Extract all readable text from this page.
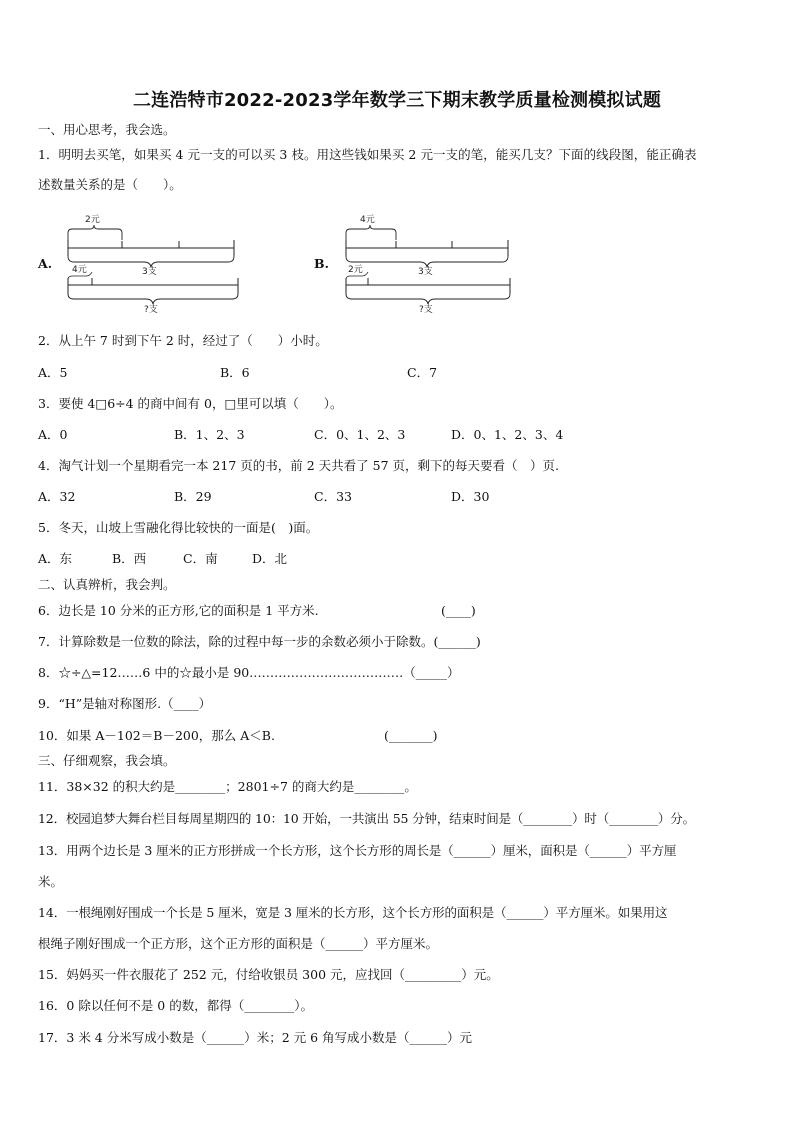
二连浩特市2022-2023学年数学三下期末教学质量检测模拟试题
一、用心思考，我会选。
1．明明去买笔，如果买 4 元一支的可以买 3 枝。用这些钱如果买 2 元一支的笔，能买几支？下面的线段图，能正确表
述数量关系的是（　　）。
A.
2元
3支
4元
?支
B.
4元
3支
2元
?支
2．从上午 7 时到下午 2 时，经过了（　　）小时。
A．5	B．6	C．7
3．要使 4□6÷4 的商中间有 0，□里可以填（　　）。
A．0	B．1、2、3	C．0、1、2、3	D．0、1、2、3、4
4．淘气计划一个星期看完一本 217 页的书，前 2 天共看了 57 页，剩下的每天要看（　）页.
A．32	B．29	C．33	D．30
5．冬天，山坡上雪融化得比较快的一面是(　)面。
A．东	B．西	C．南	D．北
二、认真辨析，我会判。
6．边长是 10 分米的正方形,它的面积是 1 平方米.	(____)
7．计算除数是一位数的除法，除的过程中每一步的余数必须小于除数。(______)
8．☆÷△=12……6 中的☆最小是 90.………………………………（_____）
9．“H”是轴对称图形.（____）
10．如果 A－102＝B－200，那么 A＜B.	(_______)
三、仔细观察，我会填。
11．38×32 的积大约是________；2801÷7 的商大约是________。
12．校园追梦大舞台栏目每周星期四的 10：10 开始，一共演出 55 分钟，结束时间是（________）时（________）分。
13．用两个边长是 3 厘米的正方形拼成一个长方形，这个长方形的周长是（______）厘米，面积是（______）平方厘
米。
14．一根绳刚好围成一个长是 5 厘米，宽是 3 厘米的长方形，这个长方形的面积是（______）平方厘米。如果用这
根绳子刚好围成一个正方形，这个正方形的面积是（______）平方厘米。
15．妈妈买一件衣服花了 252 元，付给收银员 300 元，应找回（_________）元。
16．0 除以任何不是 0 的数，都得（________）。
17．3 米 4 分米写成小数是（______）米；2 元 6 角写成小数是（______）元
